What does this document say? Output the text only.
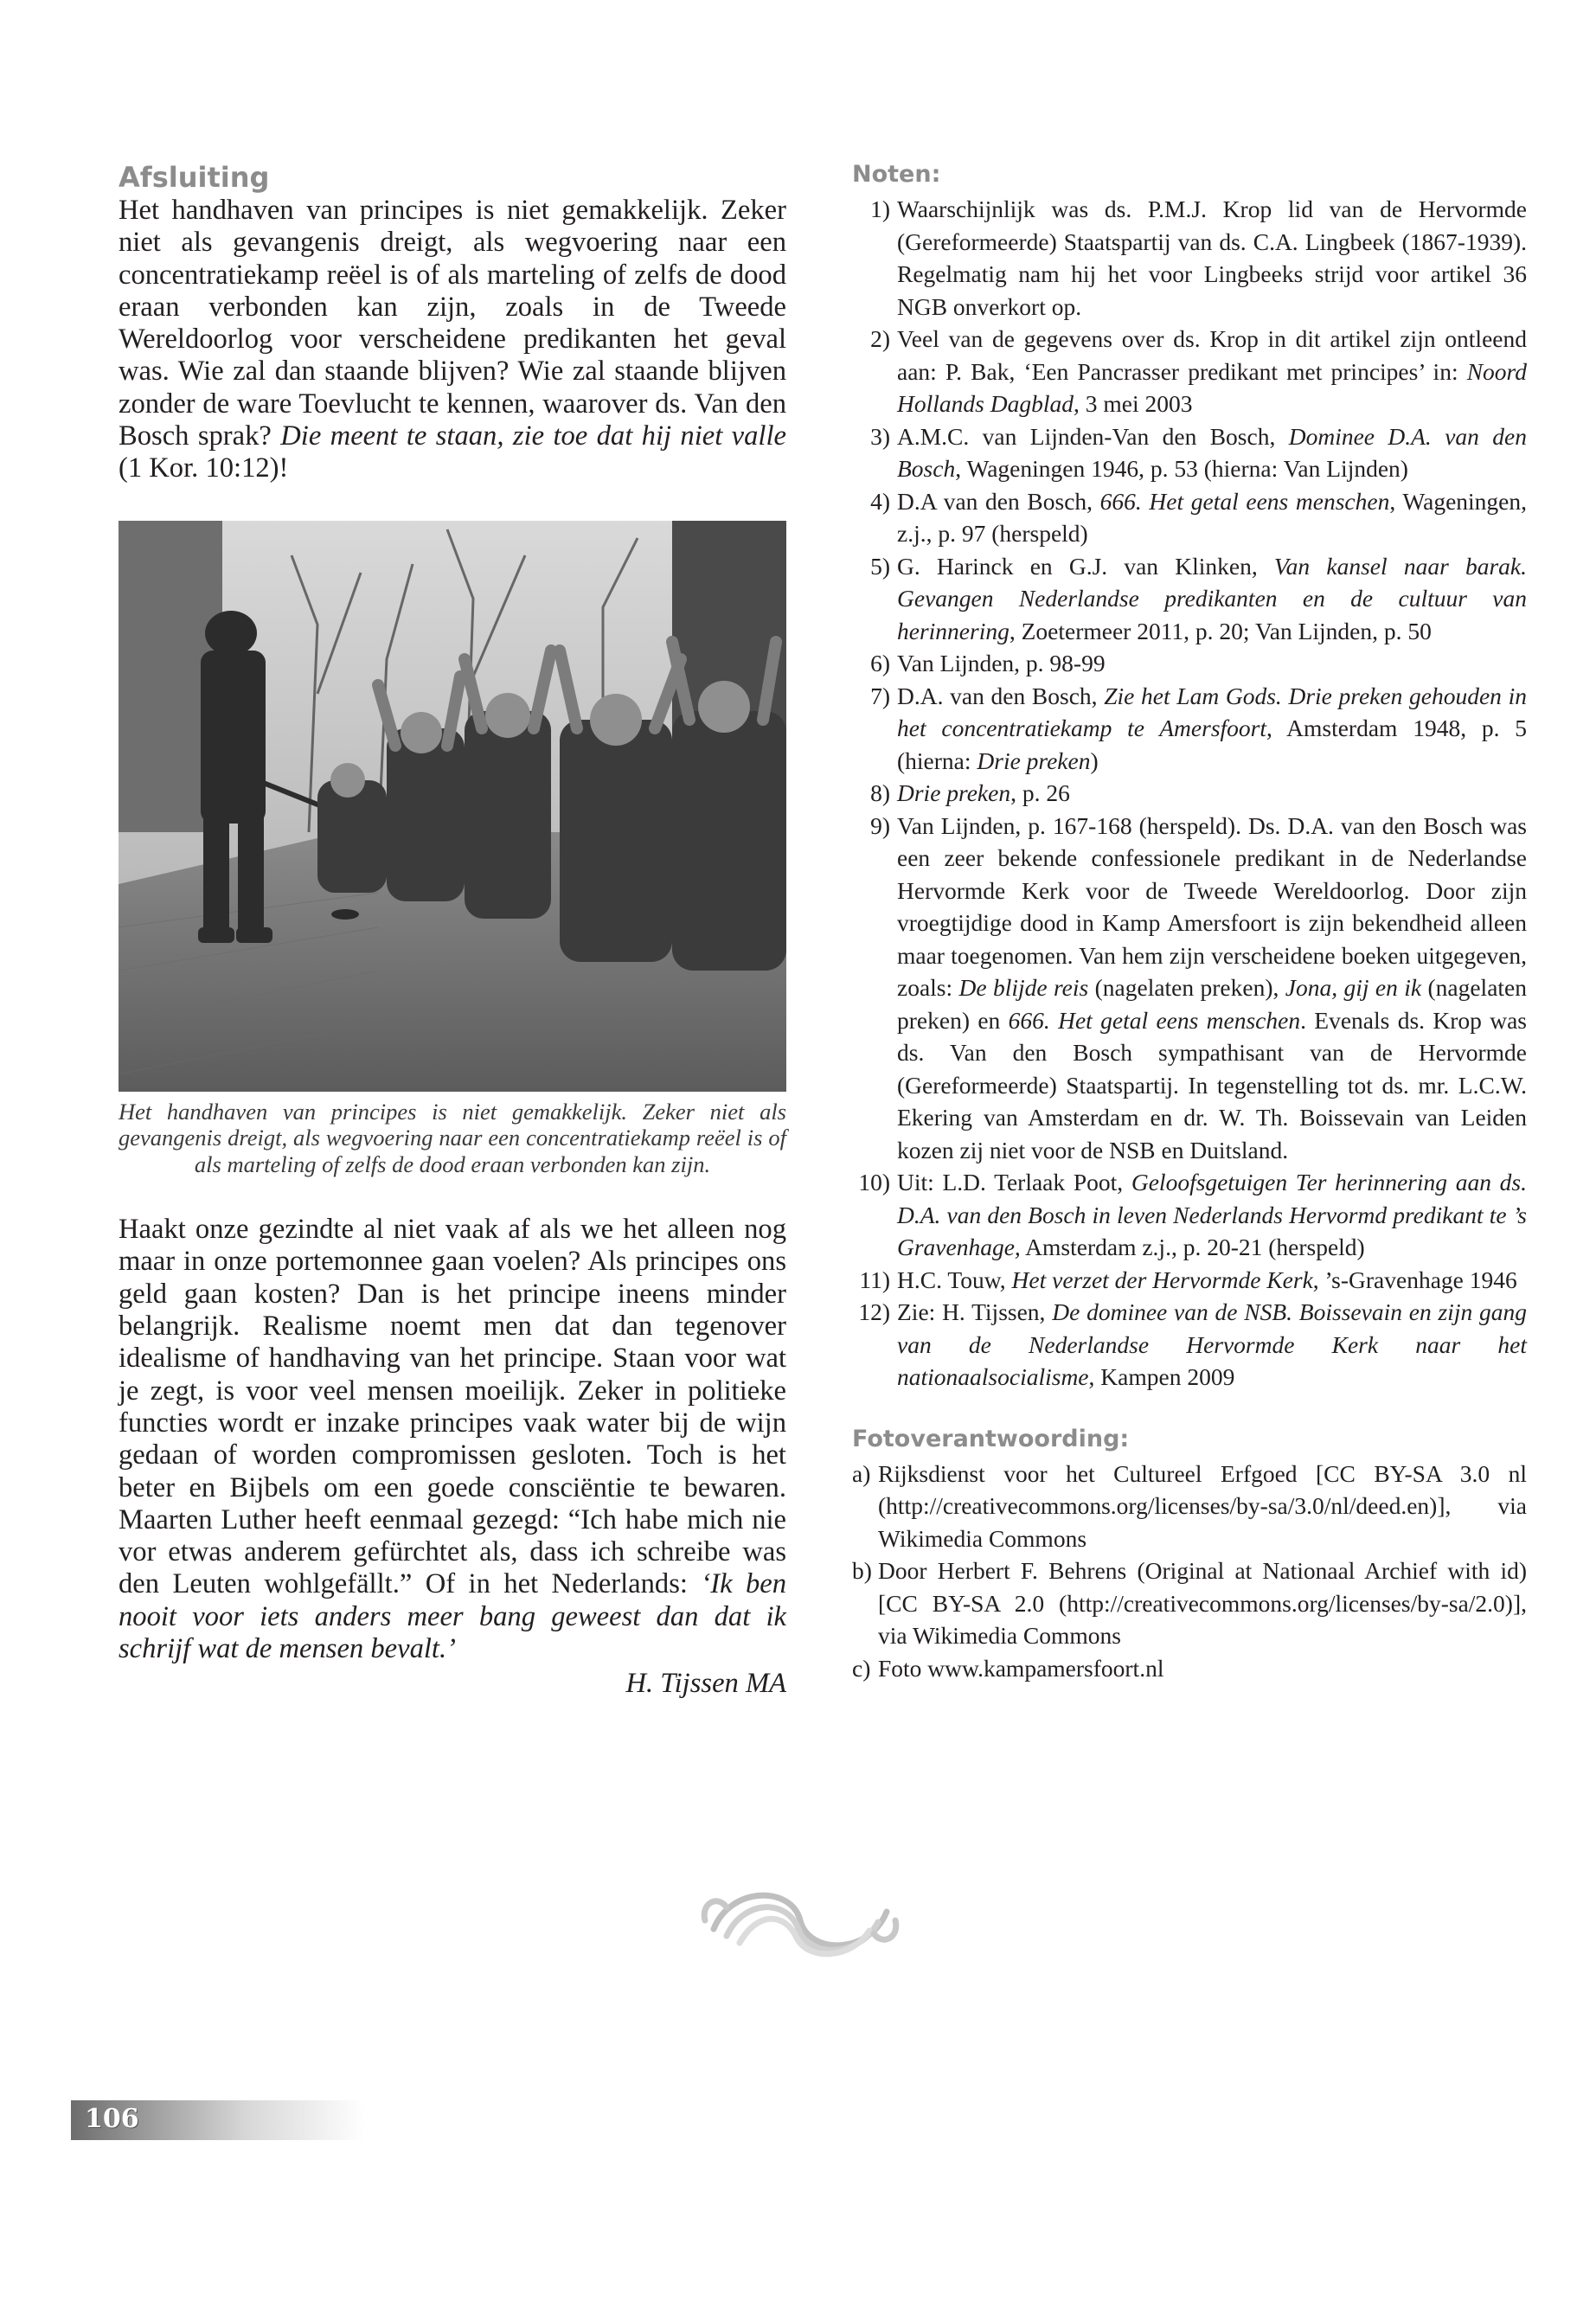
Afsluiting

Het handhaven van principes is niet gemakkelijk. Zeker niet als gevangenis dreigt, als wegvoering naar een concentratiekamp reëel is of als marteling of zelfs de dood eraan verbonden kan zijn, zoals in de Tweede Wereldoorlog voor verscheidene predikanten het geval was. Wie zal dan staande blijven? Wie zal staande blijven zonder de ware Toevlucht te kennen, waarover ds. Van den Bosch sprak? Die meent te staan, zie toe dat hij niet valle (1 Kor. 10:12)!

Het handhaven van principes is niet gemakkelijk. Zeker niet als gevangenis dreigt, als wegvoering naar een concentratiekamp reëel is of als marteling of zelfs de dood eraan verbonden kan zijn.

Haakt onze gezindte al niet vaak af als we het alleen nog maar in onze portemonnee gaan voelen? Als principes ons geld gaan kosten? Dan is het principe ineens minder belangrijk. Realisme noemt men dat dan tegenover idealisme of handhaving van het principe. Staan voor wat je zegt, is voor veel mensen moeilijk. Zeker in politieke functies wordt er inzake principes vaak water bij de wijn gedaan of worden compromissen gesloten. Toch is het beter en Bijbels om een goede consciëntie te bewaren. Maarten Luther heeft eenmaal gezegd: “Ich habe mich nie vor etwas anderem gefürchtet als, dass ich schreibe was den Leuten wohlgefällt.” Of in het Nederlands: ‘Ik ben nooit voor iets anders meer bang geweest dan dat ik schrijf wat de mensen bevalt.’

H. Tijssen MA
Noten:
1) Waarschijnlijk was ds. P.M.J. Krop lid van de Hervormde (Gereformeerde) Staatspartij van ds. C.A. Lingbeek (1867-1939). Regelmatig nam hij het voor Lingbeeks strijd voor artikel 36 NGB onverkort op.
2) Veel van de gegevens over ds. Krop in dit artikel zijn ontleend aan: P. Bak, ‘Een Pancrasser predikant met principes’ in: Noord Hollands Dagblad, 3 mei 2003
3) A.M.C. van Lijnden-Van den Bosch, Dominee D.A. van den Bosch, Wageningen 1946, p. 53 (hierna: Van Lijnden)
4) D.A van den Bosch, 666. Het getal eens menschen, Wageningen, z.j., p. 97 (herspeld)
5) G. Harinck en G.J. van Klinken, Van kansel naar barak. Gevangen Nederlandse predikanten en de cultuur van herinnering, Zoetermeer 2011, p. 20; Van Lijnden, p. 50
6) Van Lijnden, p. 98-99
7) D.A. van den Bosch, Zie het Lam Gods. Drie preken gehouden in het concentratiekamp te Amersfoort, Amsterdam 1948, p. 5 (hierna: Drie preken)
8) Drie preken, p. 26
9) Van Lijnden, p. 167-168 (herspeld). Ds. D.A. van den Bosch was een zeer bekende confessionele predikant in de Nederlandse Hervormde Kerk voor de Tweede Wereldoorlog. Door zijn vroegtijdige dood in Kamp Amersfoort is zijn bekendheid alleen maar toegenomen. Van hem zijn verscheidene boeken uitgegeven, zoals: De blijde reis (nagelaten preken), Jona, gij en ik (nagelaten preken) en 666. Het getal eens menschen. Evenals ds. Krop was ds. Van den Bosch sympathisant van de Hervormde (Gereformeerde) Staatspartij. In tegenstelling tot ds. mr. L.C.W. Ekering van Amsterdam en dr. W. Th. Boissevain van Leiden kozen zij niet voor de NSB en Duitsland.
10) Uit: L.D. Terlaak Poot, Geloofsgetuigen Ter herinnering aan ds. D.A. van den Bosch in leven Nederlands Hervormd predikant te ’s Gravenhage, Amsterdam z.j., p. 20-21 (herspeld)
11) H.C. Touw, Het verzet der Hervormde Kerk, ’s-Gravenhage 1946
12) Zie: H. Tijssen, De dominee van de NSB. Boissevain en zijn gang van de Nederlandse Hervormde Kerk naar het nationaalsocialisme, Kampen 2009
Fotoverantwoording:
a) Rijksdienst voor het Cultureel Erfgoed [CC BY-SA 3.0 nl (http://creativecommons.org/licenses/by-sa/3.0/nl/deed.en)], via Wikimedia Commons
b) Door Herbert F. Behrens (Original at Nationaal Archief with id) [CC BY-SA 2.0 (http://creativecommons.org/licenses/by-sa/2.0)], via Wikimedia Commons
c) Foto www.kampamersfoort.nl
106
